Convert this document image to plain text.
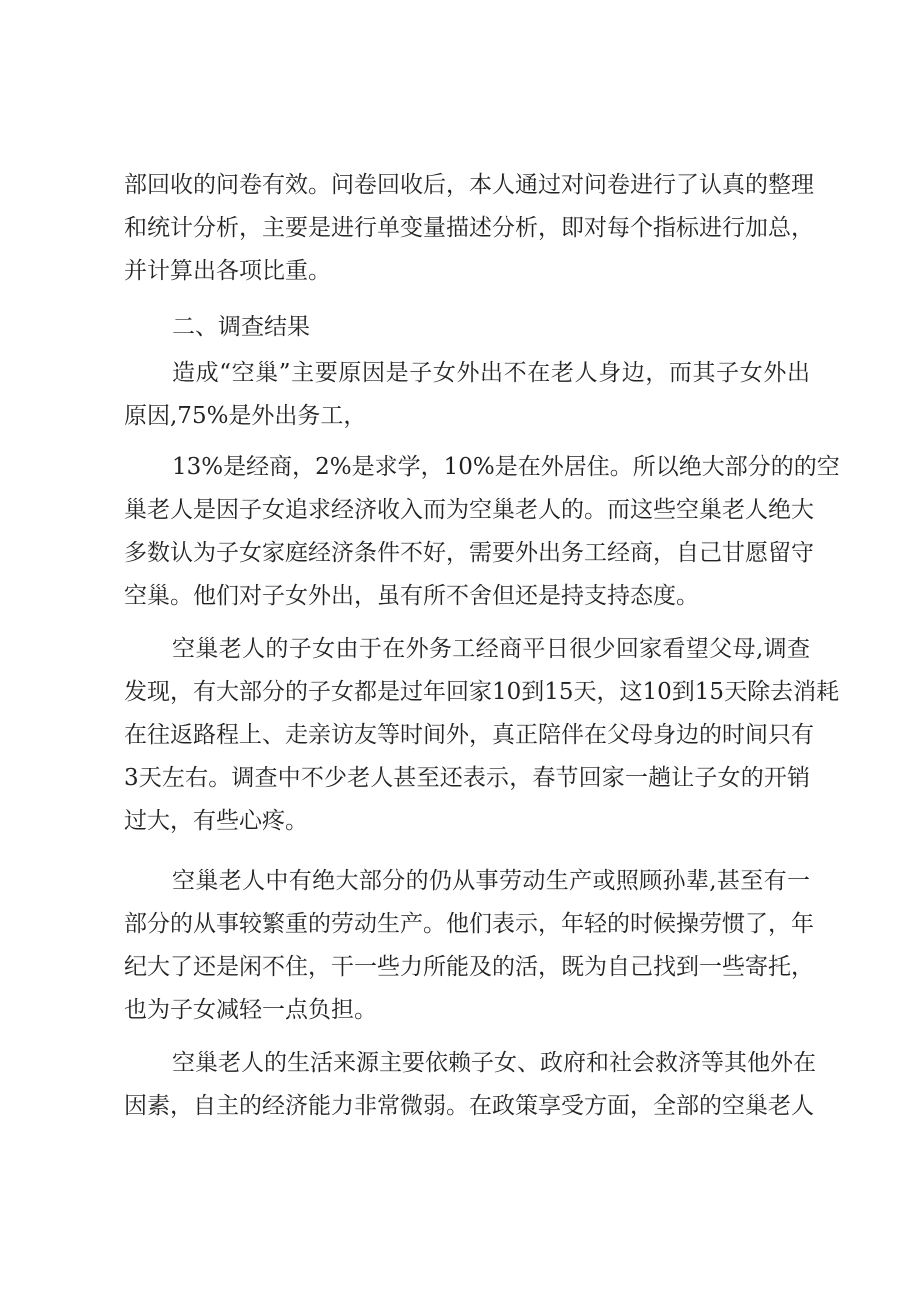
部回收的问卷有效。问卷回收后，本人通过对问卷进行了认真的整理
和统计分析，主要是进行单变量描述分析，即对每个指标进行加总，
并计算出各项比重。
二、调查结果
造成“空巢”主要原因是子女外出不在老人身边，而其子女外出
原因,75%是外出务工，
13%是经商，2%是求学，10%是在外居住。所以绝大部分的的空
巢老人是因子女追求经济收入而为空巢老人的。而这些空巢老人绝大
多数认为子女家庭经济条件不好，需要外出务工经商，自己甘愿留守
空巢。他们对子女外出，虽有所不舍但还是持支持态度。
空巢老人的子女由于在外务工经商平日很少回家看望父母,调查
发现，有大部分的子女都是过年回家10到15天，这10到15天除去消耗
在往返路程上、走亲访友等时间外，真正陪伴在父母身边的时间只有
3天左右。调查中不少老人甚至还表示，春节回家一趟让子女的开销
过大，有些心疼。
空巢老人中有绝大部分的仍从事劳动生产或照顾孙辈,甚至有一
部分的从事较繁重的劳动生产。他们表示，年轻的时候操劳惯了，年
纪大了还是闲不住，干一些力所能及的活，既为自己找到一些寄托，
也为子女减轻一点负担。
空巢老人的生活来源主要依赖子女、政府和社会救济等其他外在
因素，自主的经济能力非常微弱。在政策享受方面，全部的空巢老人
